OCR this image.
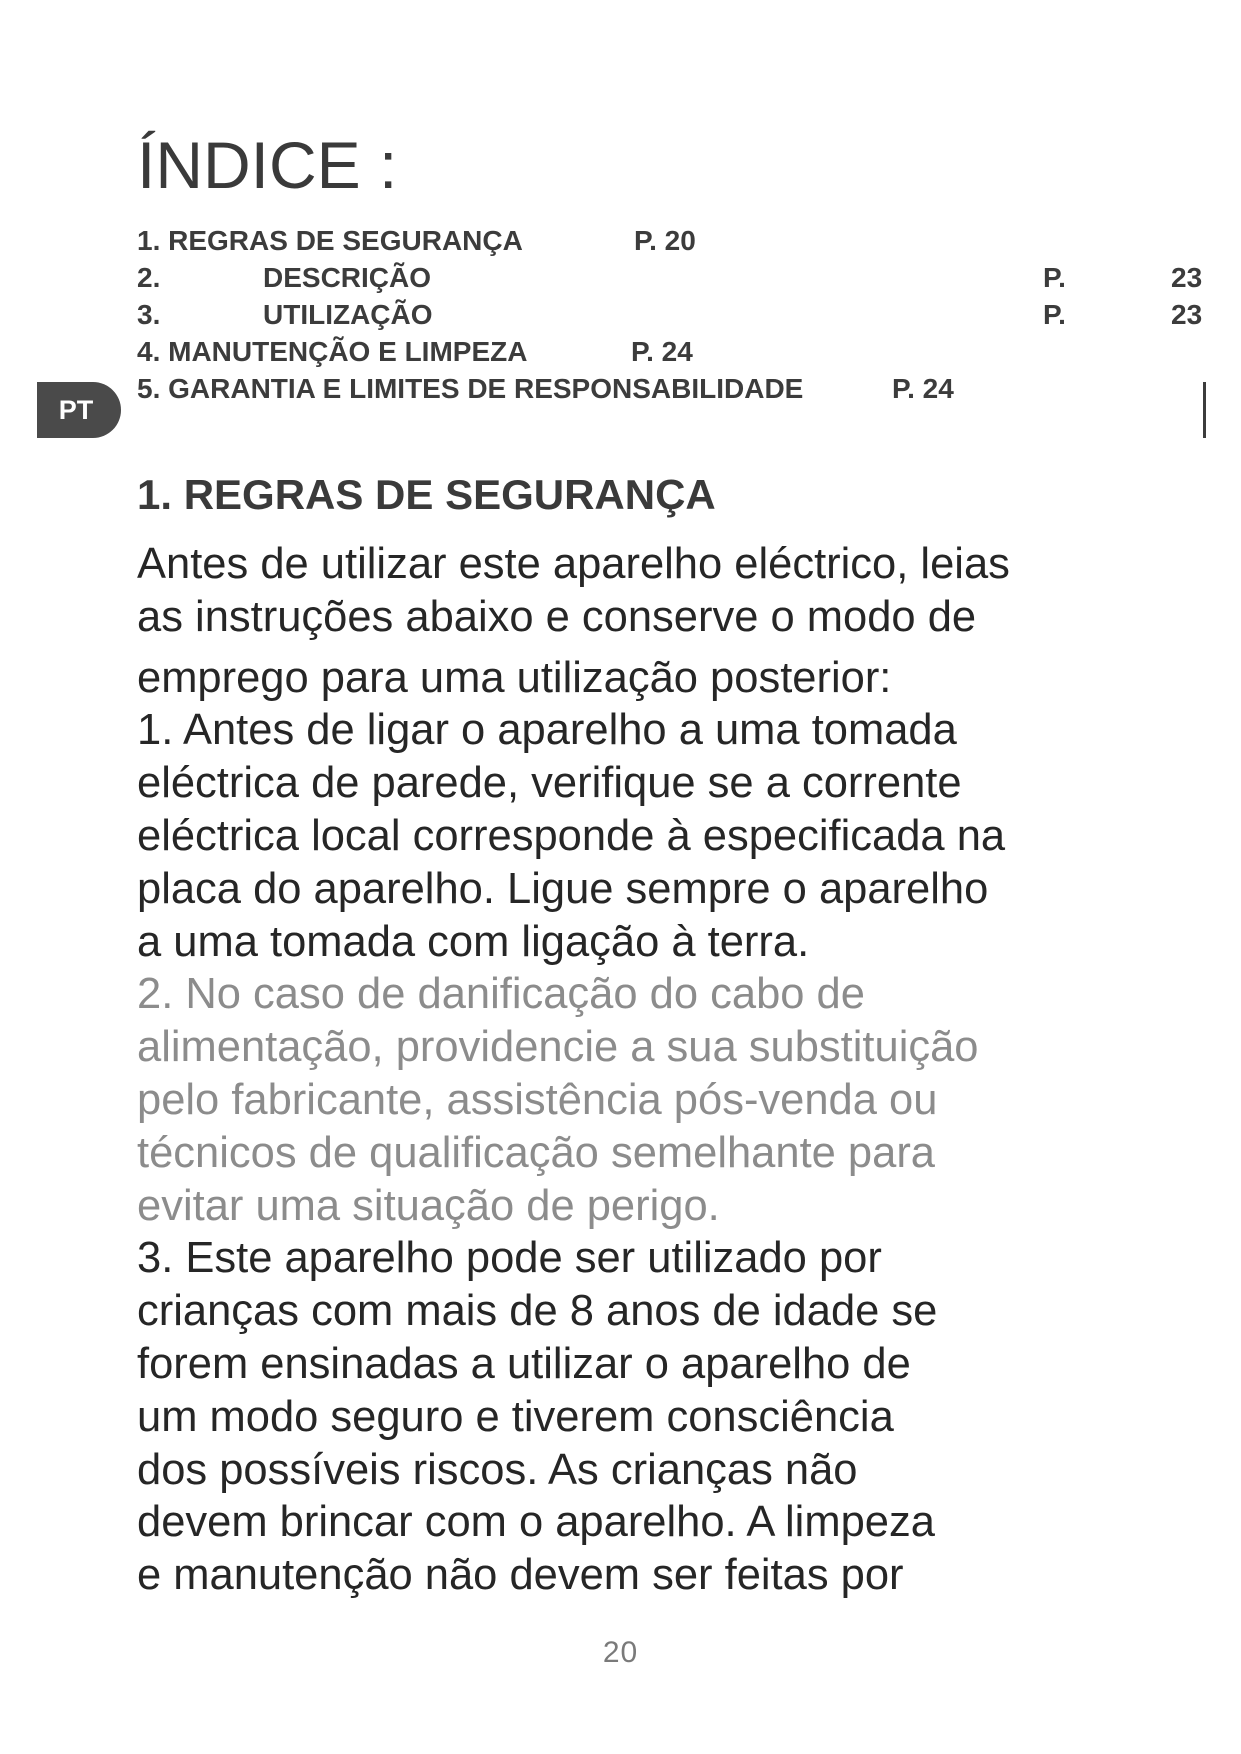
ÍNDICE :
1. REGRAS DE SEGURANÇA	P. 20
2.	DESCRIÇÃO	P.	23
3.	UTILIZAÇÃO	P.	23
4. MANUTENÇÃO E LIMPEZA	P. 24
5. GARANTIA E LIMITES DE RESPONSABILIDADE	P. 24
PT
1. REGRAS DE SEGURANÇA
Antes de utilizar este aparelho eléctrico, leias
as instruções abaixo e conserve o modo de
emprego para uma utilização posterior:
1. Antes de ligar o aparelho a uma tomada
eléctrica de parede, verifique se a corrente
eléctrica local corresponde à especificada na
placa do aparelho. Ligue sempre o aparelho
a uma tomada com ligação à terra.
2. No caso de danificação do cabo de
alimentação, providencie a sua substituição
pelo fabricante, assistência pós-venda ou
técnicos de qualificação semelhante para
evitar uma situação de perigo.
3. Este aparelho pode ser utilizado por
crianças com mais de 8 anos de idade se
forem ensinadas a utilizar o aparelho de
um modo seguro e tiverem consciência
dos possíveis riscos. As crianças não
devem brincar com o aparelho. A limpeza
e manutenção não devem ser feitas por
20
